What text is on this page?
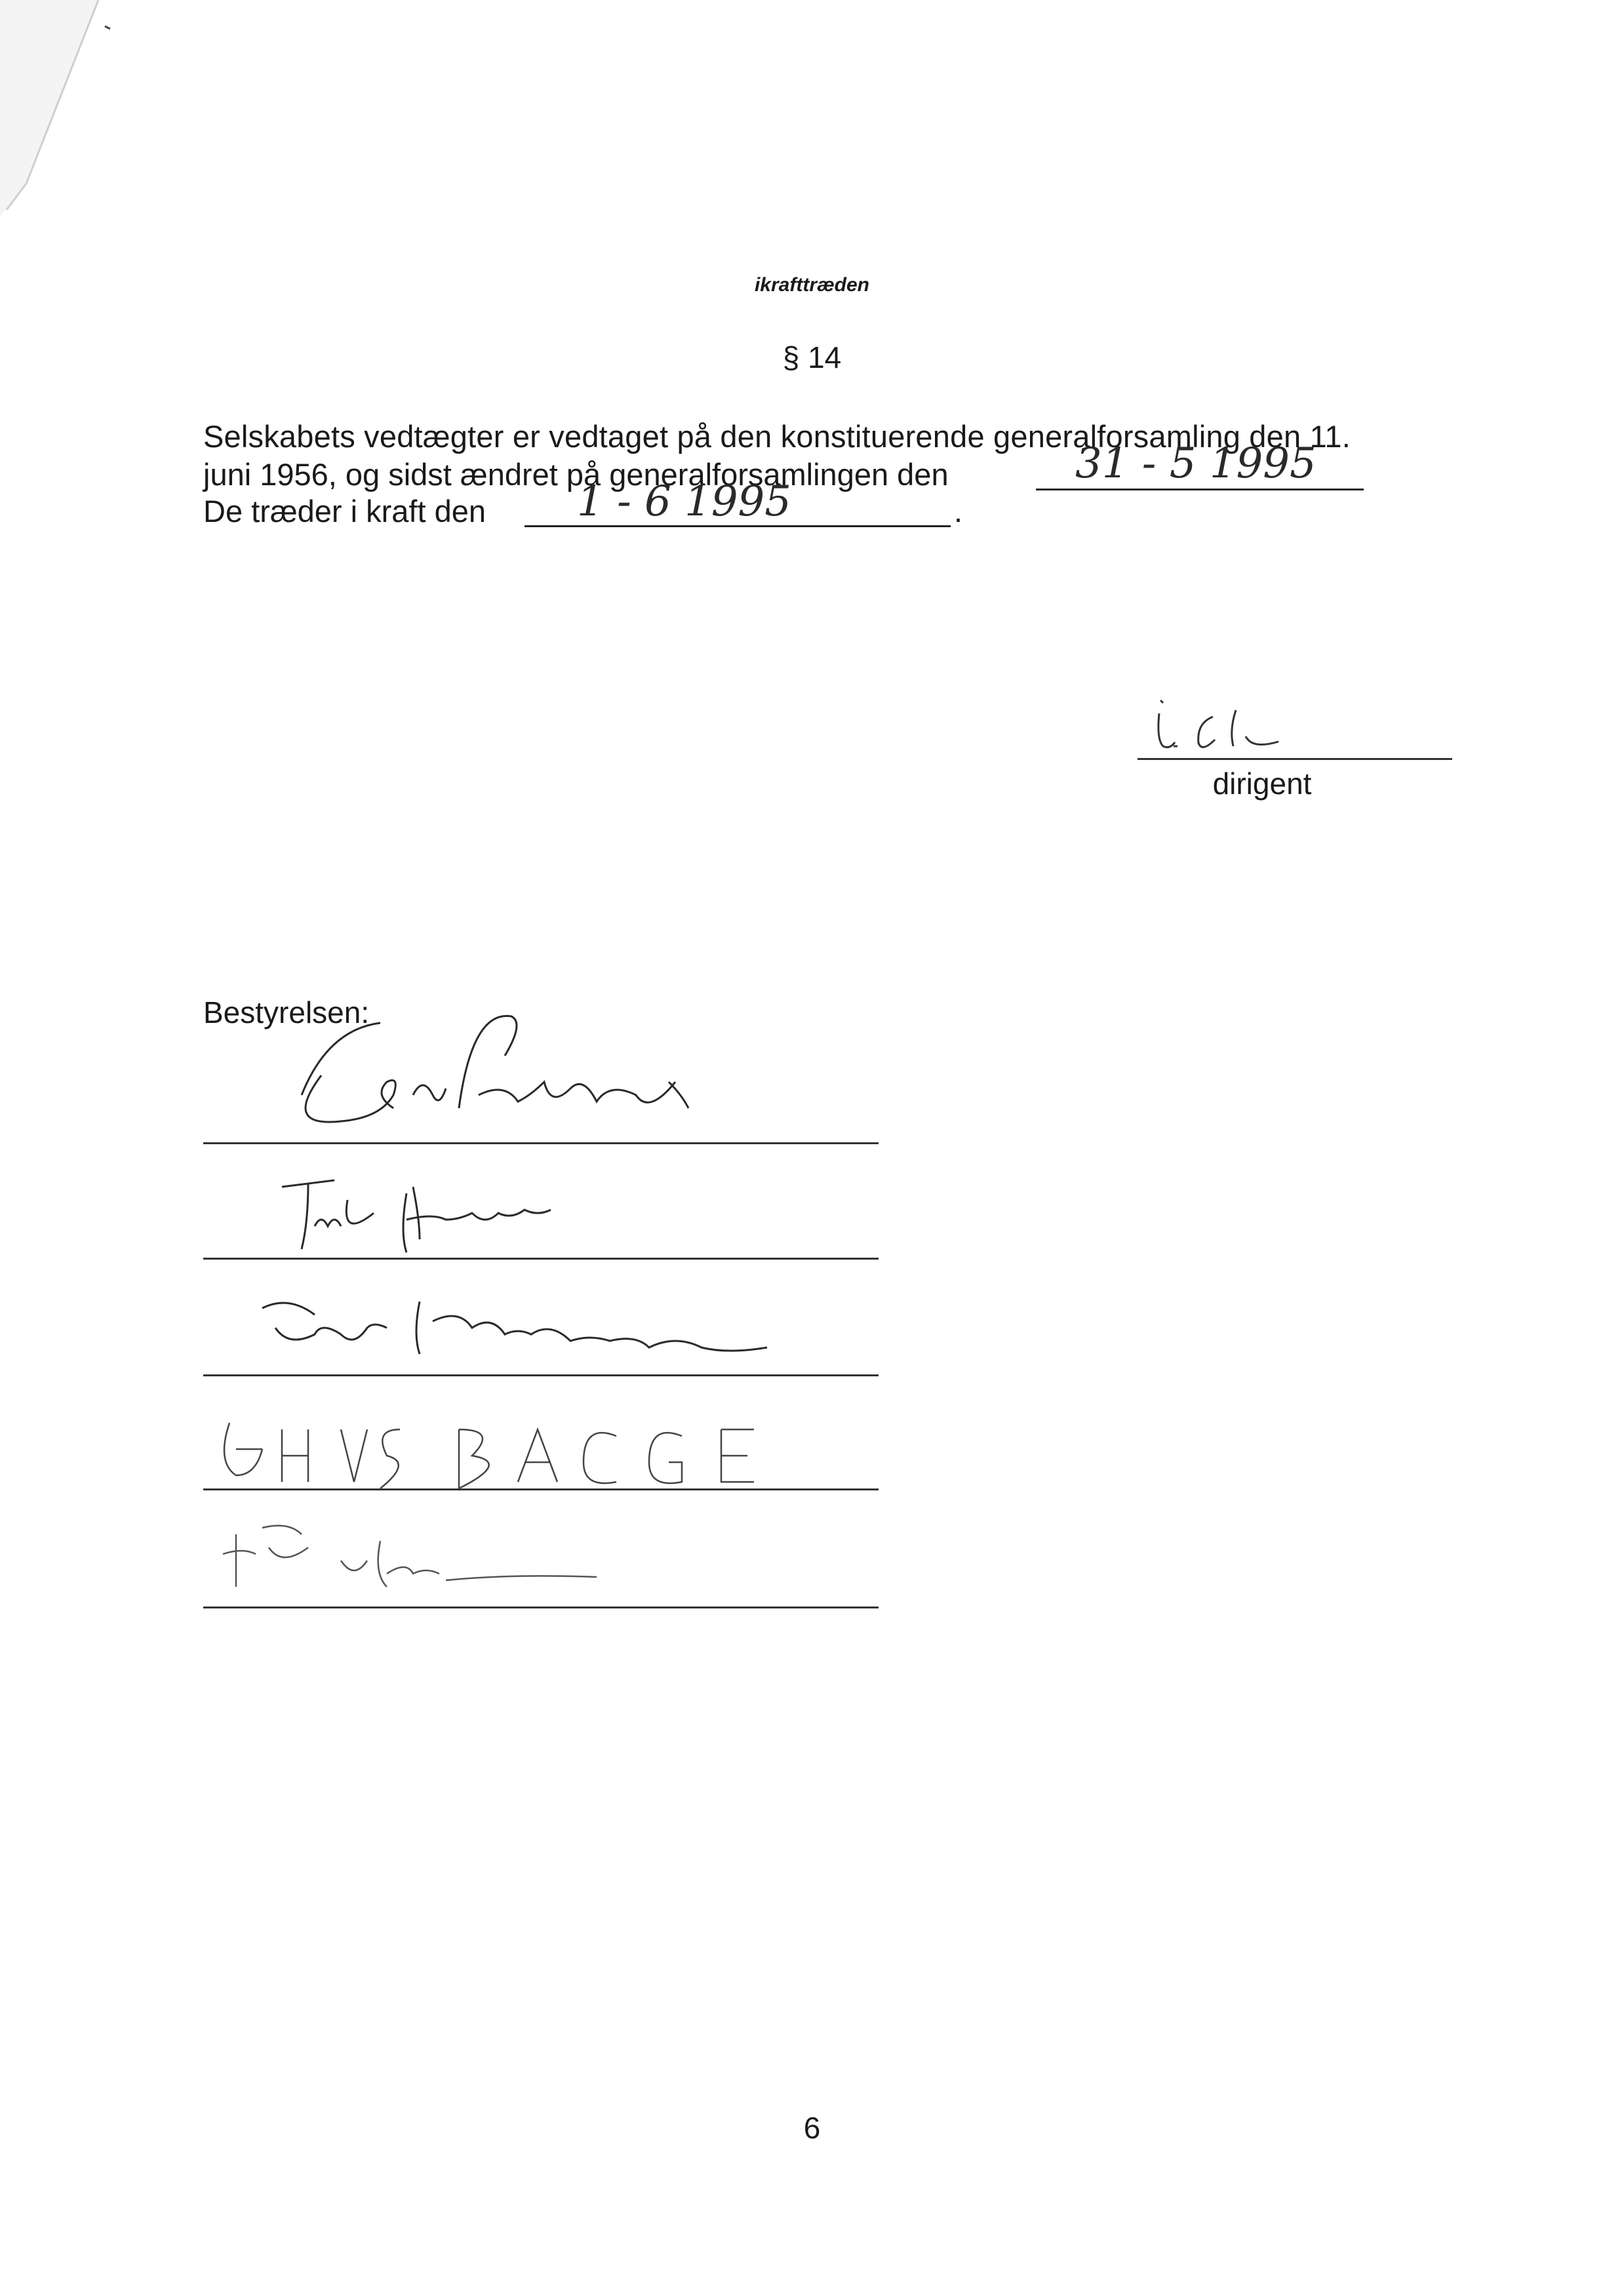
ikrafttræden
§ 14
Selskabets vedtægter er vedtaget på den konstituerende generalforsamling den 11.
juni 1956, og sidst ændret på generalforsamlingen den
De træder i kraft den
31 - 5 1995
1 - 6 1995	.
dirigent
Bestyrelsen:
6
